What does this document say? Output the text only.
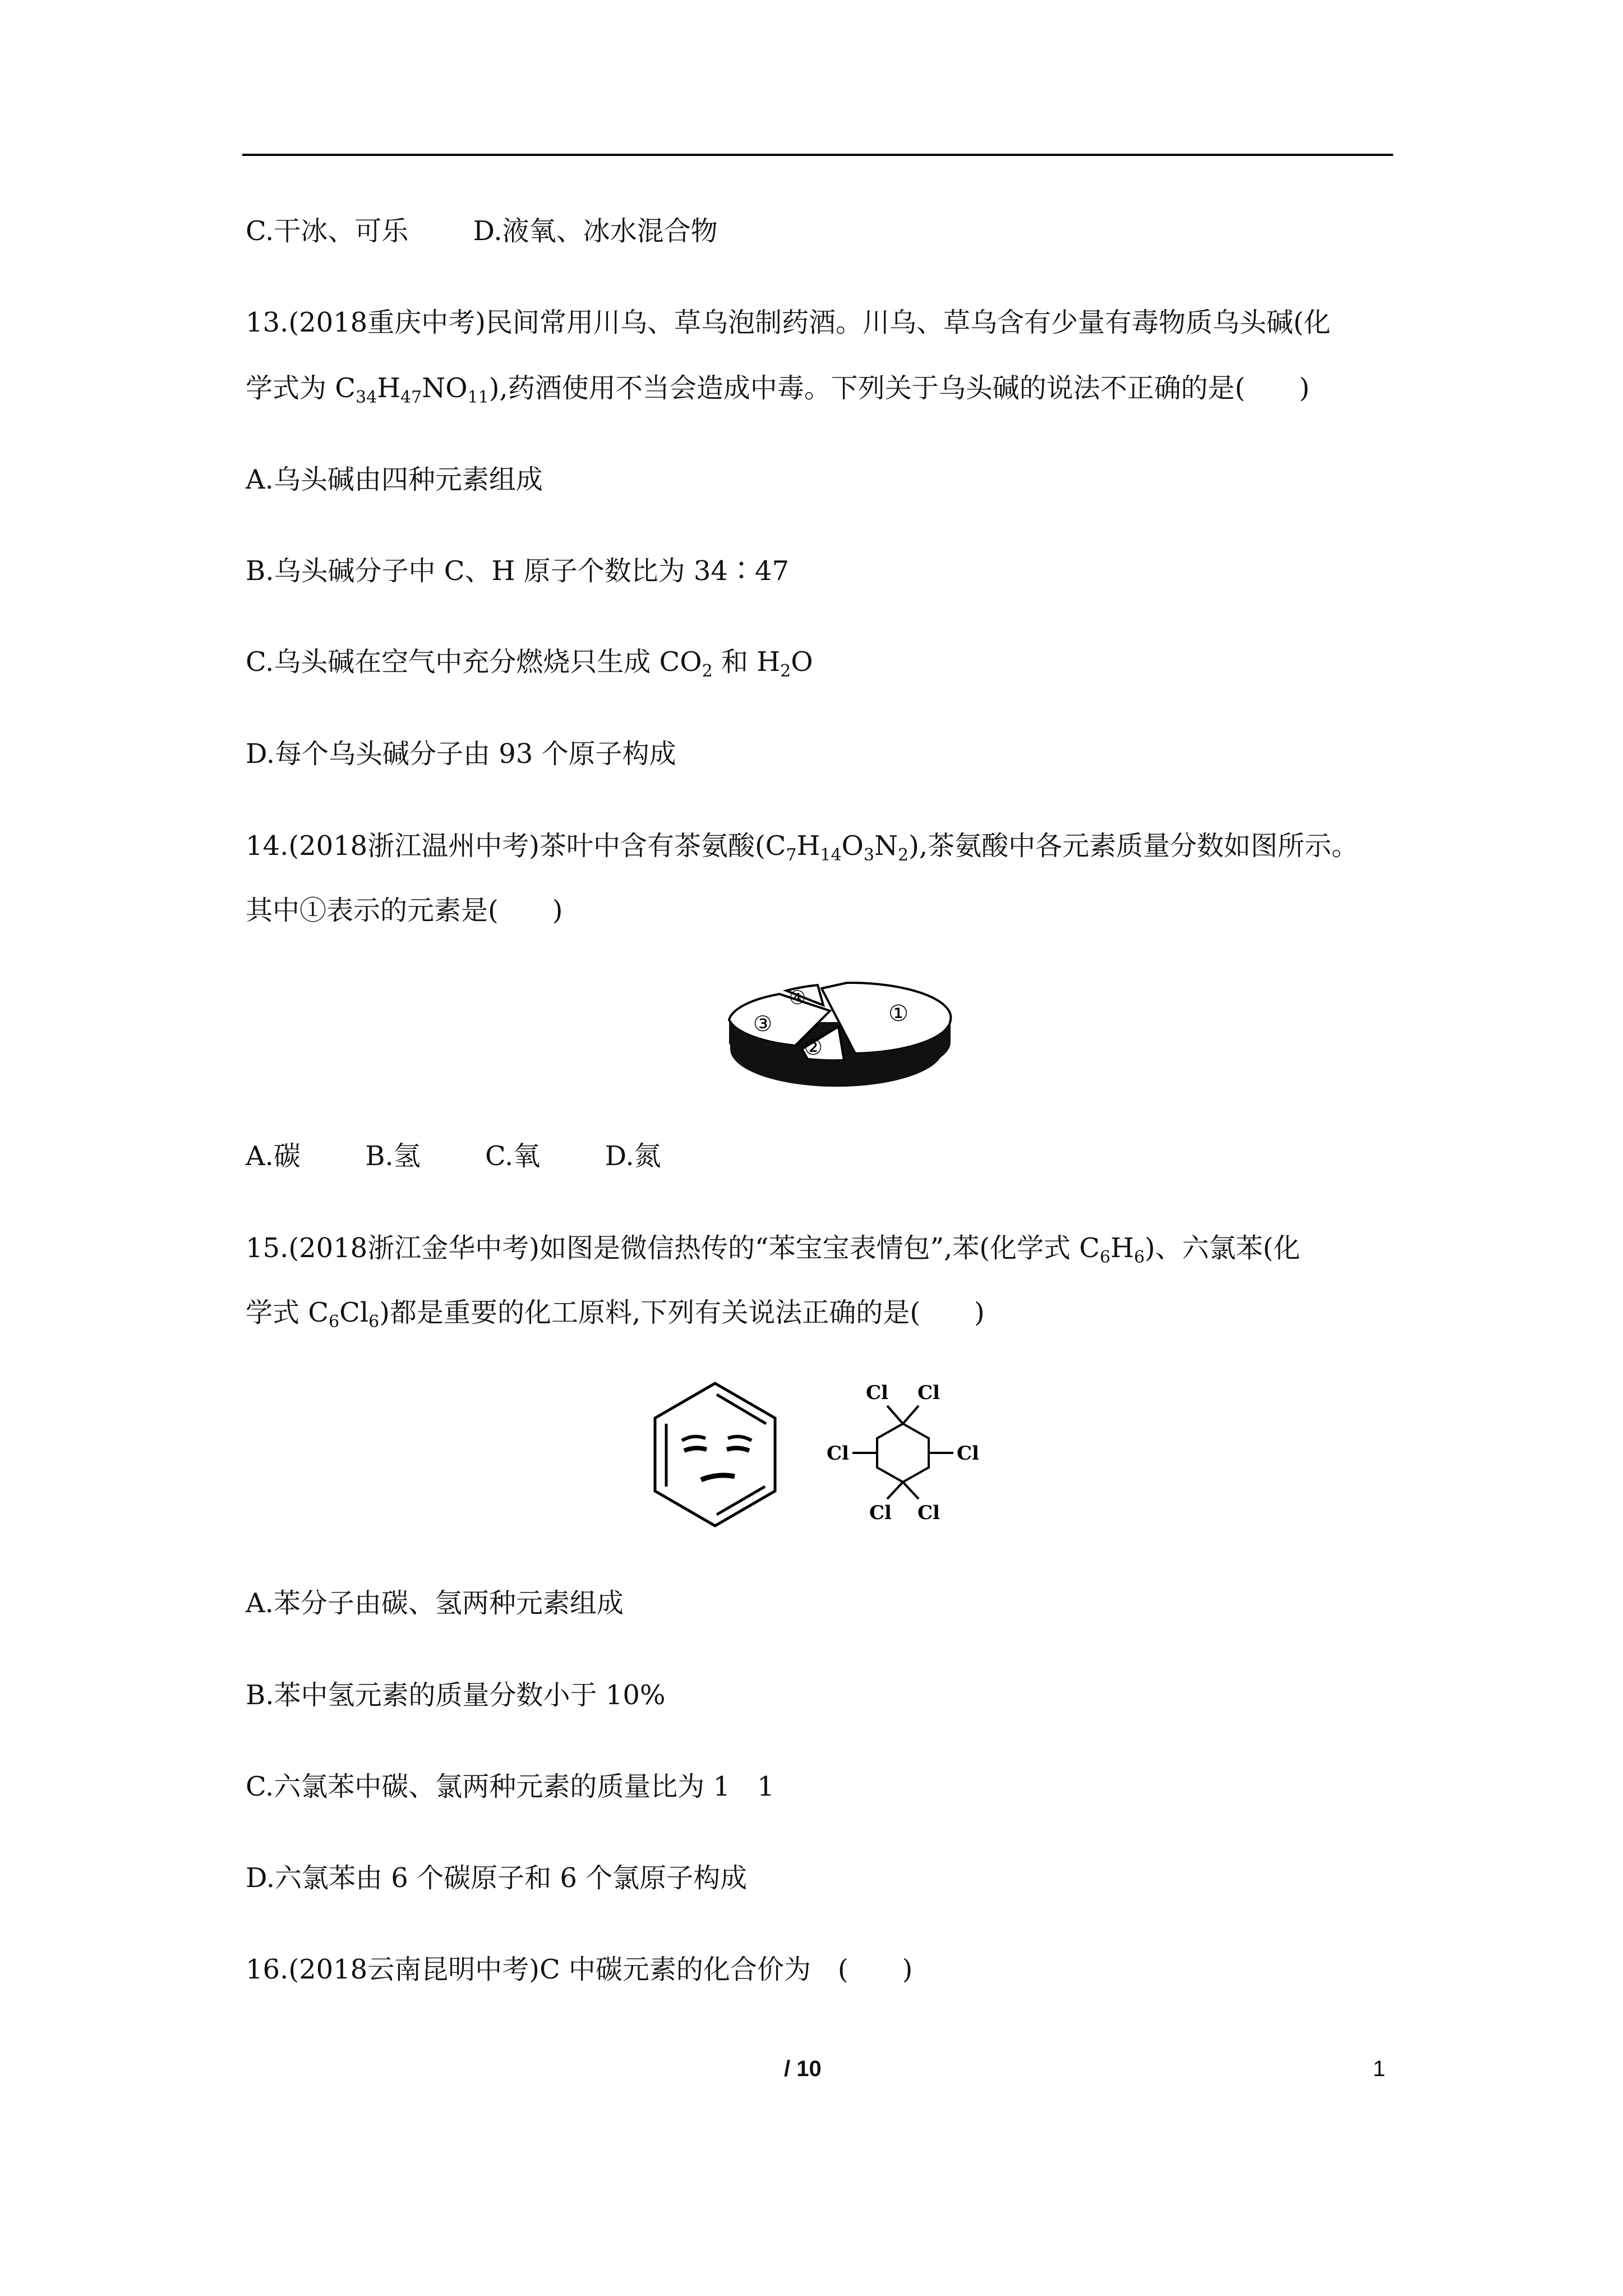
C.干冰、可乐 D.液氧、冰水混合物
13.(2018重庆中考)民间常用川乌、草乌泡制药酒。川乌、草乌含有少量有毒物质乌头碱(化
学式为 $C_{34}H_{47}NO_{11}$),药酒使用不当会造成中毒。下列关于乌头碱的说法不正确的是(　　)
A.乌头碱由四种元素组成
B.乌头碱分子中 C、H 原子个数比为 34∶47
C.乌头碱在空气中充分燃烧只生成 $CO_2$ 和 $H_2O$
D.每个乌头碱分子由 93 个原子构成
14.(2018浙江温州中考)茶叶中含有茶氨酸$(C_7H_{14}O_3N_2)$,茶氨酸中各元素质量分数如图所示。
其中①表示的元素是(　　)
①
②
③
④
A.碳 B.氢 C.氧 D.氮
15.(2018浙江金华中考)如图是微信热传的“苯宝宝表情包”,苯(化学式 $C_6H_6$)、六氯苯(化
学式 $C_6Cl_6$)都是重要的化工原料,下列有关说法正确的是(　　)
Cl Cl
Cl
Cl
Cl Cl
A.苯分子由碳、氢两种元素组成
B.苯中氢元素的质量分数小于 10%
C.六氯苯中碳、氯两种元素的质量比为 1　1
D.六氯苯由 6 个碳原子和 6 个氯原子构成
16.(2018云南昆明中考)C 中碳元素的化合价为　(　　)
/ 10	1
